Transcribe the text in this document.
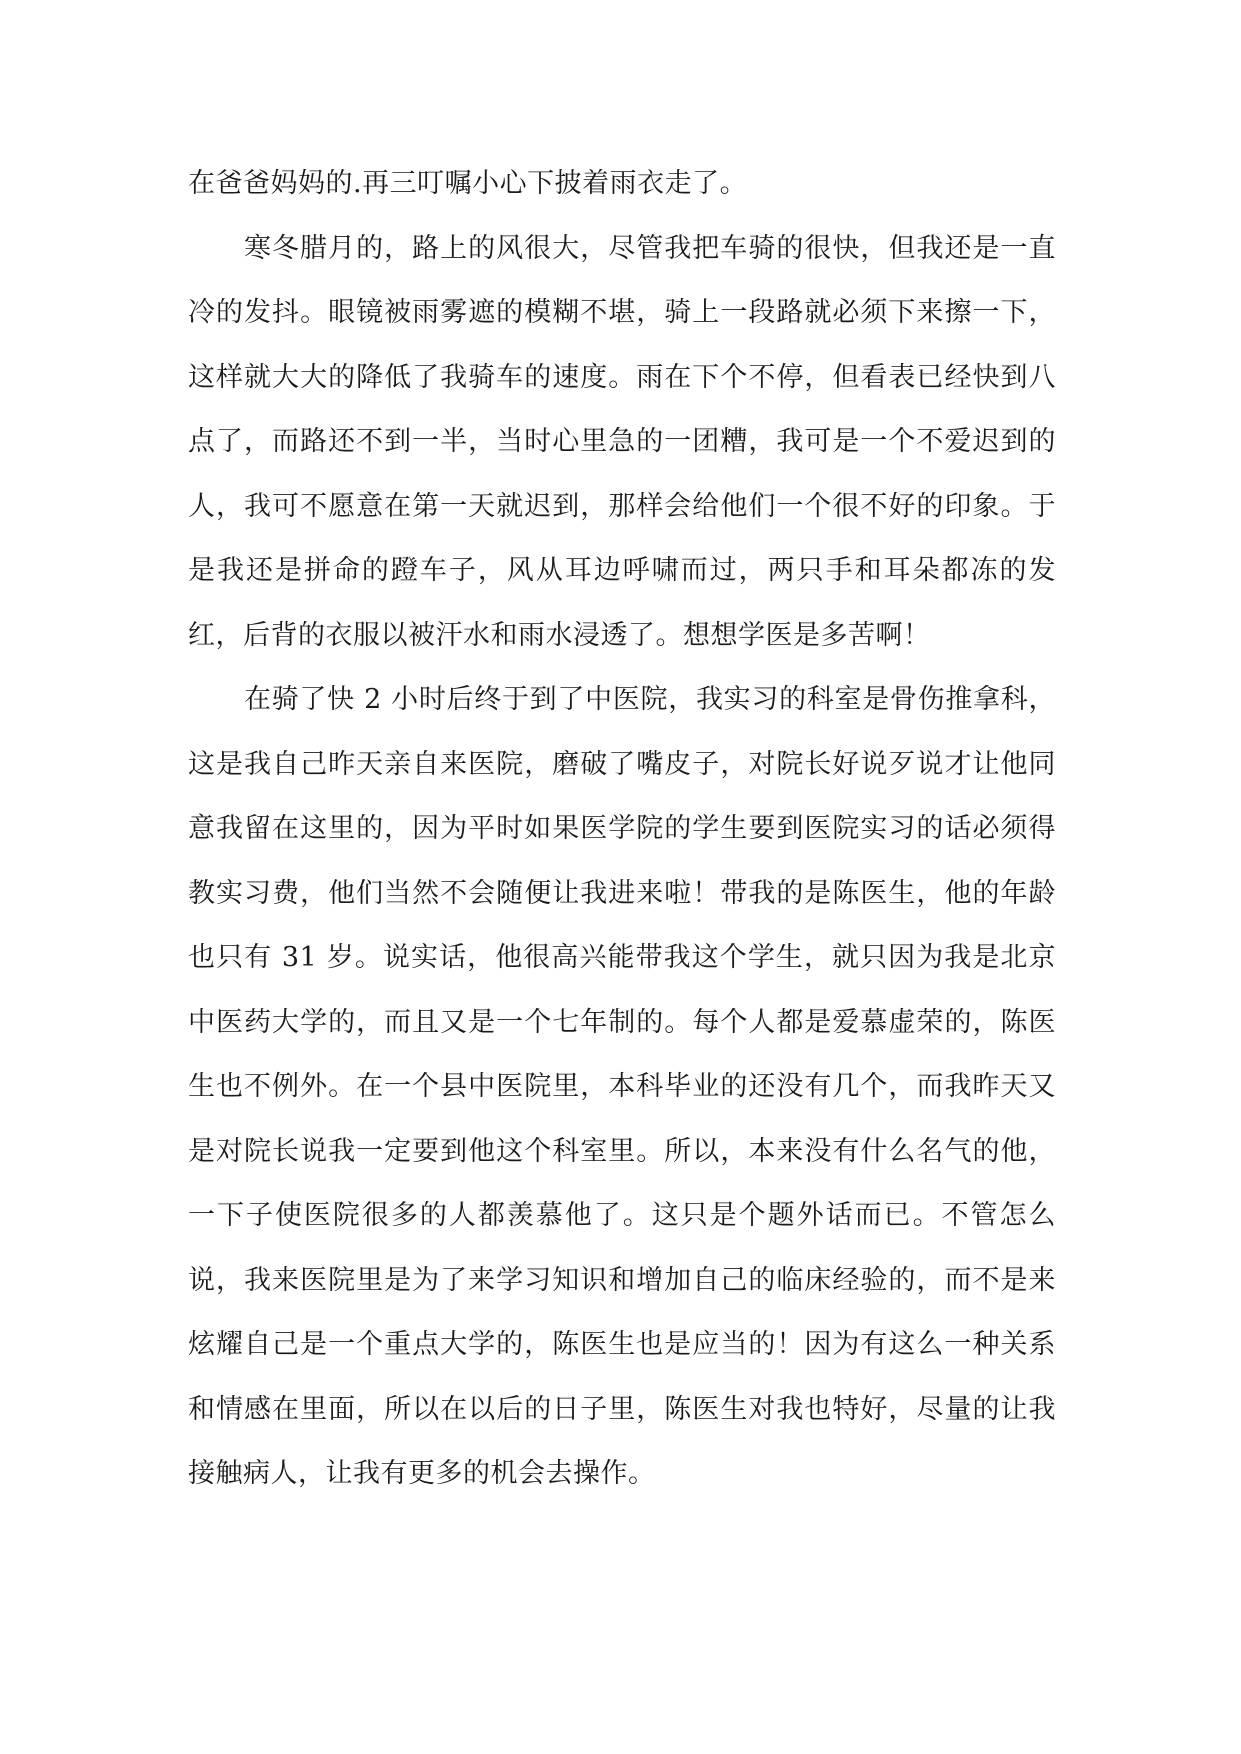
在爸爸妈妈的.再三叮嘱小心下披着雨衣走了。

寒冬腊月的，路上的风很大，尽管我把车骑的很快，但我还是一直冷的发抖。眼镜被雨雾遮的模糊不堪，骑上一段路就必须下来擦一下，这样就大大的降低了我骑车的速度。雨在下个不停，但看表已经快到八点了，而路还不到一半，当时心里急的一团糟，我可是一个不爱迟到的人，我可不愿意在第一天就迟到，那样会给他们一个很不好的印象。于是我还是拼命的蹬车子，风从耳边呼啸而过，两只手和耳朵都冻的发红，后背的衣服以被汗水和雨水浸透了。想想学医是多苦啊！

在骑了快 2 小时后终于到了中医院，我实习的科室是骨伤推拿科，这是我自己昨天亲自来医院，磨破了嘴皮子，对院长好说歹说才让他同意我留在这里的，因为平时如果医学院的学生要到医院实习的话必须得教实习费，他们当然不会随便让我进来啦！带我的是陈医生，他的年龄也只有 31 岁。说实话，他很高兴能带我这个学生，就只因为我是北京中医药大学的，而且又是一个七年制的。每个人都是爱慕虚荣的，陈医生也不例外。在一个县中医院里，本科毕业的还没有几个，而我昨天又是对院长说我一定要到他这个科室里。所以，本来没有什么名气的他，一下子使医院很多的人都羡慕他了。这只是个题外话而已。不管怎么说，我来医院里是为了来学习知识和增加自己的临床经验的，而不是来炫耀自己是一个重点大学的，陈医生也是应当的！因为有这么一种关系和情感在里面，所以在以后的日子里，陈医生对我也特好，尽量的让我接触病人，让我有更多的机会去操作。
